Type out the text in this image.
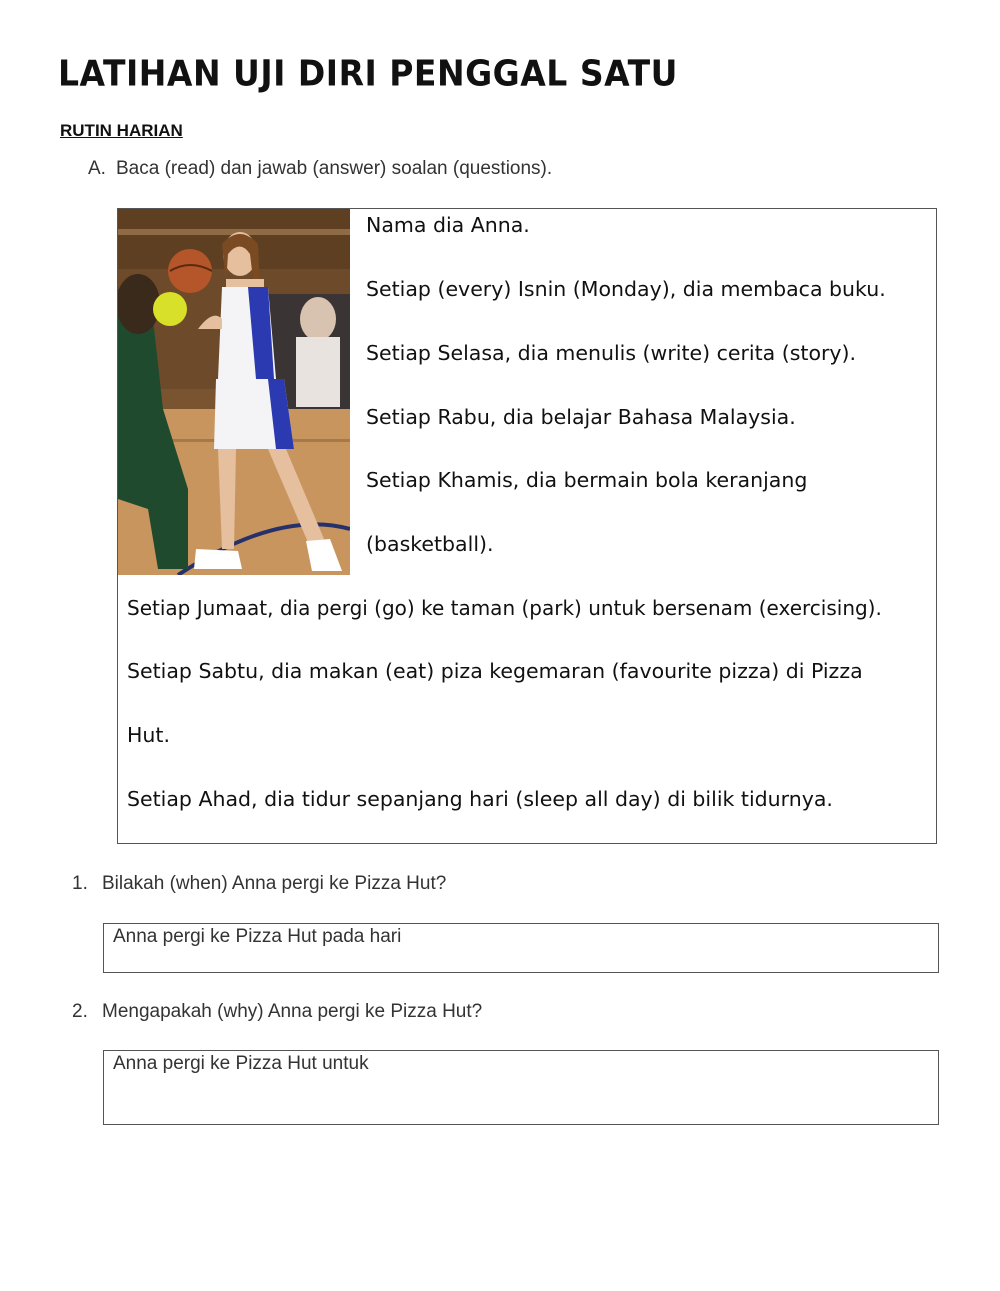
LATIHAN UJI DIRI PENGGAL SATU
RUTIN HARIAN
A. Baca (read) dan jawab (answer) soalan (questions).
Nama dia Anna.
Setiap (every) Isnin (Monday), dia membaca buku.
Setiap Selasa, dia menulis (write) cerita (story).
Setiap Rabu, dia belajar Bahasa Malaysia.
Setiap Khamis, dia bermain bola keranjang
(basketball).
Setiap Jumaat, dia pergi (go) ke taman (park) untuk bersenam (exercising).
Setiap Sabtu, dia makan (eat) piza kegemaran (favourite pizza) di Pizza
Hut.
Setiap Ahad, dia tidur sepanjang hari (sleep all day) di bilik tidurnya.
1. Bilakah (when) Anna pergi ke Pizza Hut?
Anna pergi ke Pizza Hut pada hari
2. Mengapakah (why) Anna pergi ke Pizza Hut?
Anna pergi ke Pizza Hut untuk
